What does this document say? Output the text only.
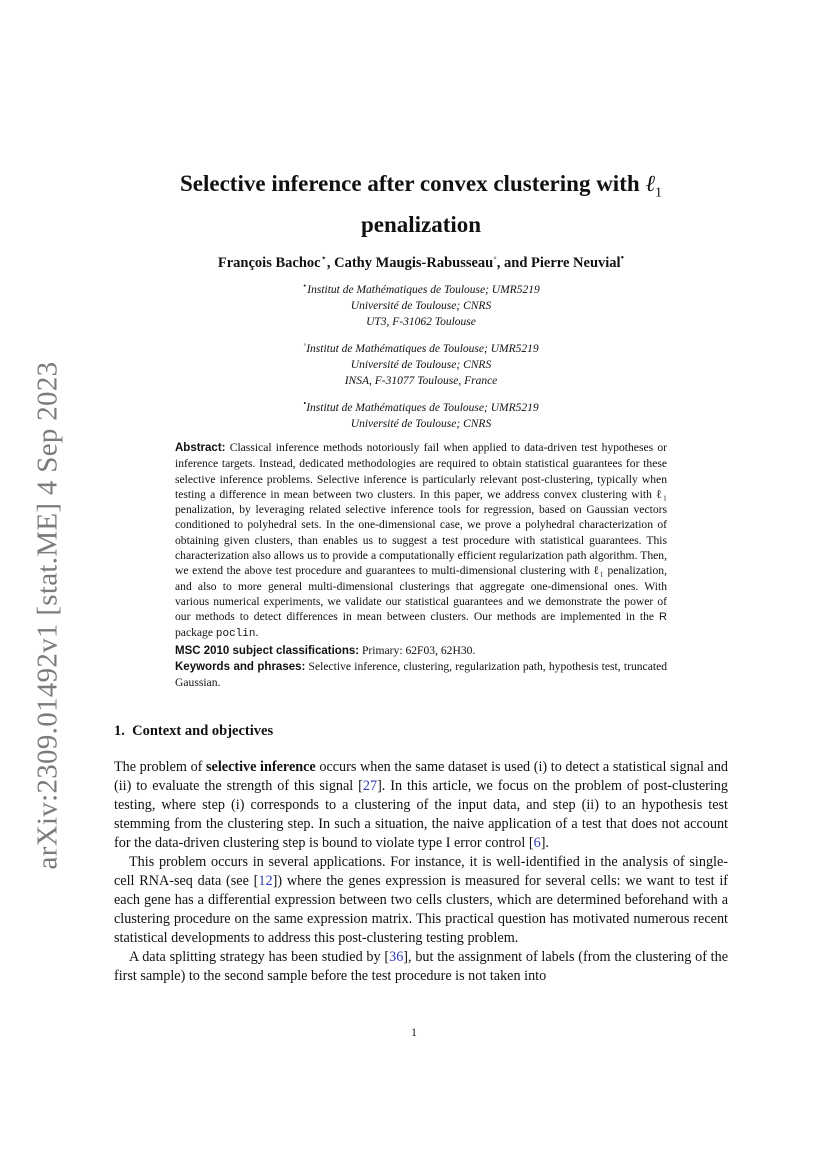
arXiv:2309.01492v1 [stat.ME] 4 Sep 2023
Selective inference after convex clustering with ℓ$_1$
penalization
François Bachoc⋆, Cathy Maugis-Rabusseau◦, and Pierre Neuvial•
⋆Institut de Mathématiques de Toulouse; UMR5219
Université de Toulouse; CNRS
UT3, F-31062 Toulouse
◦Institut de Mathématiques de Toulouse; UMR5219
Université de Toulouse; CNRS
INSA, F-31077 Toulouse, France
•Institut de Mathématiques de Toulouse; UMR5219
Université de Toulouse; CNRS

Abstract: Classical inference methods notoriously fail when applied to data-driven test hypotheses or inference targets. Instead, dedicated methodologies are required to obtain statistical guarantees for these selective inference problems. Selective inference is particularly relevant post-clustering, typically when testing a difference in mean between two clusters. In this paper, we address convex clustering with ℓ₁ penalization, by leveraging related selective inference tools for regression, based on Gaussian vectors conditioned to polyhedral sets. In the one-dimensional case, we prove a polyhedral characterization of obtaining given clusters, than enables us to suggest a test procedure with statistical guarantees. This characterization also allows us to provide a computationally efficient regularization path algorithm. Then, we extend the above test procedure and guarantees to multi-dimensional clustering with ℓ₁ penalization, and also to more general multi-dimensional clusterings that aggregate one-dimensional ones. With various numerical experiments, we validate our statistical guarantees and we demonstrate the power of our methods to detect differences in mean between clusters. Our methods are implemented in the R package poclin.

MSC 2010 subject classifications: Primary: 62F03, 62H30.

Keywords and phrases: Selective inference, clustering, regularization path, hypothesis test, truncated Gaussian.

1. Context and objectives

The problem of selective inference occurs when the same dataset is used (i) to detect a statistical signal and (ii) to evaluate the strength of this signal [27]. In this article, we focus on the problem of post-clustering testing, where step (i) corresponds to a clustering of the input data, and step (ii) to an hypothesis test stemming from the clustering step. In such a situation, the naive application of a test that does not account for the data-driven clustering step is bound to violate type I error control [6].

This problem occurs in several applications. For instance, it is well-identified in the analysis of single-cell RNA-seq data (see [12]) where the genes expression is measured for several cells: we want to test if each gene has a differential expression between two cells clusters, which are determined beforehand with a clustering procedure on the same expression matrix. This practical question has motivated numerous recent statistical developments to address this post-clustering testing problem.

A data splitting strategy has been studied by [36], but the assignment of labels (from the clustering of the first sample) to the second sample before the test procedure is not taken into

1
